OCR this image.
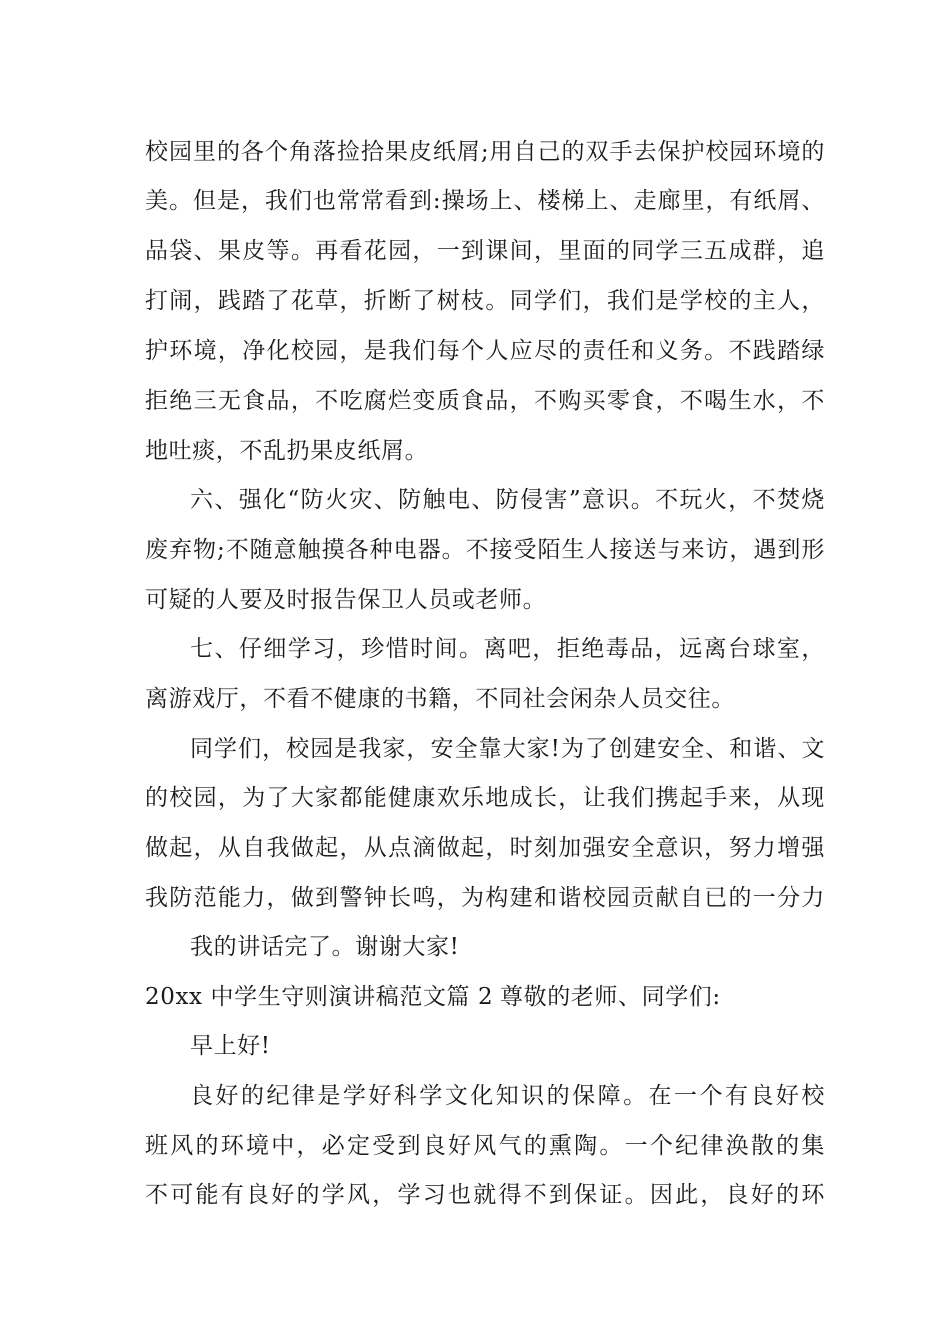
校园里的各个角落捡拾果皮纸屑;用自己的双手去保护校园环境的
美。但是，我们也常常看到:操场上、楼梯上、走廊里，有纸屑、
品袋、果皮等。再看花园，一到课间，里面的同学三五成群，追
打闹，践踏了花草，折断了树枝。同学们，我们是学校的主人，
护环境，净化校园，是我们每个人应尽的责任和义务。不践踏绿
拒绝三无食品，不吃腐烂变质食品，不购买零食，不喝生水，不
地吐痰，不乱扔果皮纸屑。
六、强化“防火灾、防触电、防侵害”意识。不玩火，不焚烧
废弃物;不随意触摸各种电器。不接受陌生人接送与来访，遇到形
可疑的人要及时报告保卫人员或老师。
七、仔细学习，珍惜时间。离吧，拒绝毒品，远离台球室，
离游戏厅，不看不健康的书籍，不同社会闲杂人员交往。
同学们，校园是我家，安全靠大家!为了创建安全、和谐、文
的校园，为了大家都能健康欢乐地成长，让我们携起手来，从现
做起，从自我做起，从点滴做起，时刻加强安全意识，努力增强
我防范能力，做到警钟长鸣，为构建和谐校园贡献自已的一分力
我的讲话完了。谢谢大家!
20xx 中学生守则演讲稿范文篇 2 尊敬的老师、同学们:
早上好!
良好的纪律是学好科学文化知识的保障。在一个有良好校
班风的环境中，必定受到良好风气的熏陶。一个纪律涣散的集
不可能有良好的学风，学习也就得不到保证。因此，良好的环
